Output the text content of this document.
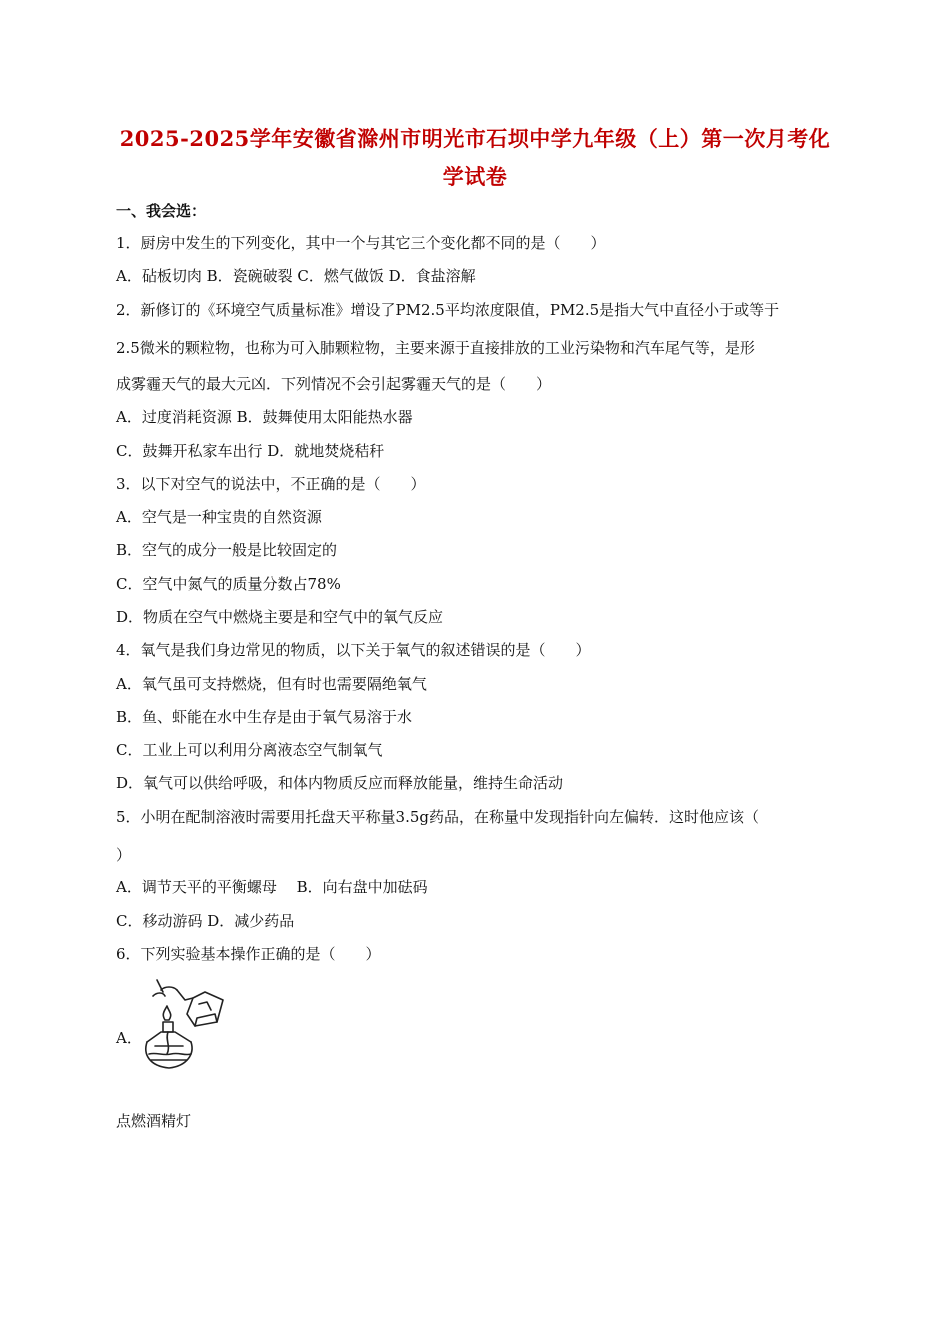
2025-2025学年安徽省滁州市明光市石坝中学九年级（上）第一次月考化
学试卷
一、我会选：
1．厨房中发生的下列变化，其中一个与其它三个变化都不同的是（　　）
A．砧板切肉 B．瓷碗破裂 C．燃气做饭 D．食盐溶解
2．新修订的《环境空气质量标准》增设了PM2.5平均浓度限值，PM2.5是指大气中直径小于或等于
2.5微米的颗粒物，也称为可入肺颗粒物，主要来源于直接排放的工业污染物和汽车尾气等，是形
成雾霾天气的最大元凶．下列情况不会引起雾霾天气的是（　　）
A．过度消耗资源 B．鼓舞使用太阳能热水器
C．鼓舞开私家车出行 D．就地焚烧秸秆
3．以下对空气的说法中，不正确的是（　　）
A．空气是一种宝贵的自然资源
B．空气的成分一般是比较固定的
C．空气中氮气的质量分数占78%
D．物质在空气中燃烧主要是和空气中的氧气反应
4．氧气是我们身边常见的物质，以下关于氧气的叙述错误的是（　　）
A．氧气虽可支持燃烧，但有时也需要隔绝氧气
B．鱼、虾能在水中生存是由于氧气易溶于水
C．工业上可以利用分离液态空气制氧气
D．氧气可以供给呼吸，和体内物质反应而释放能量，维持生命活动
5．小明在配制溶液时需要用托盘天平称量3.5g药品，在称量中发现指针向左偏转．这时他应该（
）
A．调节天平的平衡螺母　 B．向右盘中加砝码
C．移动游码 D．减少药品
6．下列实验基本操作正确的是（　　）
A．
点燃酒精灯
